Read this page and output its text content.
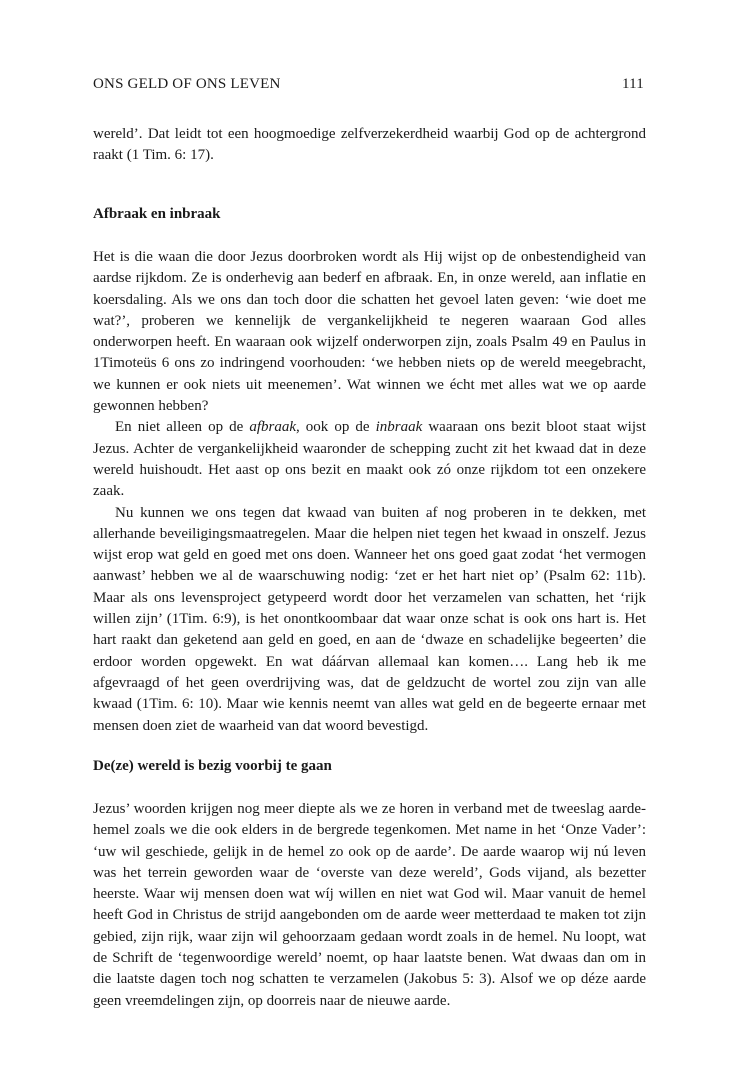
ONS GELD OF ONS LEVEN	111

wereld’. Dat leidt tot een hoogmoedige zelfverzekerdheid waarbij God op de achtergrond raakt (1 Tim. 6: 17).

Afbraak en inbraak

Het is die waan die door Jezus doorbroken wordt als Hij wijst op de onbestendigheid van aardse rijkdom. Ze is onderhevig aan bederf en afbraak. En, in onze wereld, aan inflatie en koersdaling. Als we ons dan toch door die schatten het gevoel laten geven: ‘wie doet me wat?’, proberen we kennelijk de vergankelijkheid te negeren waaraan God alles onderworpen heeft. En waaraan ook wijzelf onderworpen zijn, zoals Psalm 49 en Paulus in 1Timoteüs 6 ons zo indringend voorhouden: ‘we hebben niets op de wereld meegebracht, we kunnen er ook niets uit meenemen’. Wat winnen we écht met alles wat we op aarde gewonnen hebben?

En niet alleen op de afbraak, ook op de inbraak waaraan ons bezit bloot staat wijst Jezus. Achter de vergankelijkheid waaronder de schepping zucht zit het kwaad dat in deze wereld huishoudt. Het aast op ons bezit en maakt ook zó onze rijkdom tot een onzekere zaak.

Nu kunnen we ons tegen dat kwaad van buiten af nog proberen in te dekken, met allerhande beveiligingsmaatregelen. Maar die helpen niet tegen het kwaad in onszelf. Jezus wijst erop wat geld en goed met ons doen. Wanneer het ons goed gaat zodat ‘het vermogen aanwast’ hebben we al de waarschuwing nodig: ‘zet er het hart niet op’ (Psalm 62: 11b). Maar als ons levensproject getypeerd wordt door het verzamelen van schatten, het ‘rijk willen zijn’ (1Tim. 6:9), is het onontkoombaar dat waar onze schat is ook ons hart is. Het hart raakt dan geketend aan geld en goed, en aan de ‘dwaze en schadelijke begeerten’ die erdoor worden opgewekt. En wat dáárvan allemaal kan komen…. Lang heb ik me afgevraagd of het geen overdrijving was, dat de geldzucht de wortel zou zijn van alle kwaad (1Tim. 6: 10). Maar wie kennis neemt van alles wat geld en de begeerte ernaar met mensen doen ziet de waarheid van dat woord bevestigd.

De(ze) wereld is bezig voorbij te gaan

Jezus’ woorden krijgen nog meer diepte als we ze horen in verband met de tweeslag aarde- hemel zoals we die ook elders in de bergrede tegenkomen. Met name in het ‘Onze Vader’: ‘uw wil geschiede, gelijk in de hemel zo ook op de aarde’. De aarde waarop wij nú leven was het terrein geworden waar de ‘overste van deze wereld’, Gods vijand, als bezetter heerste. Waar wij mensen doen wat wíj willen en niet wat God wil. Maar vanuit de hemel heeft God in Christus de strijd aangebonden om de aarde weer metterdaad te maken tot zijn gebied, zijn rijk, waar zijn wil gehoorzaam gedaan wordt zoals in de hemel. Nu loopt, wat de Schrift de ‘tegenwoordige wereld’ noemt, op haar laatste benen. Wat dwaas dan om in die laatste dagen toch nog schatten te verzamelen (Jakobus 5: 3). Alsof we op déze aarde geen vreemdelingen zijn, op doorreis naar de nieuwe aarde.
